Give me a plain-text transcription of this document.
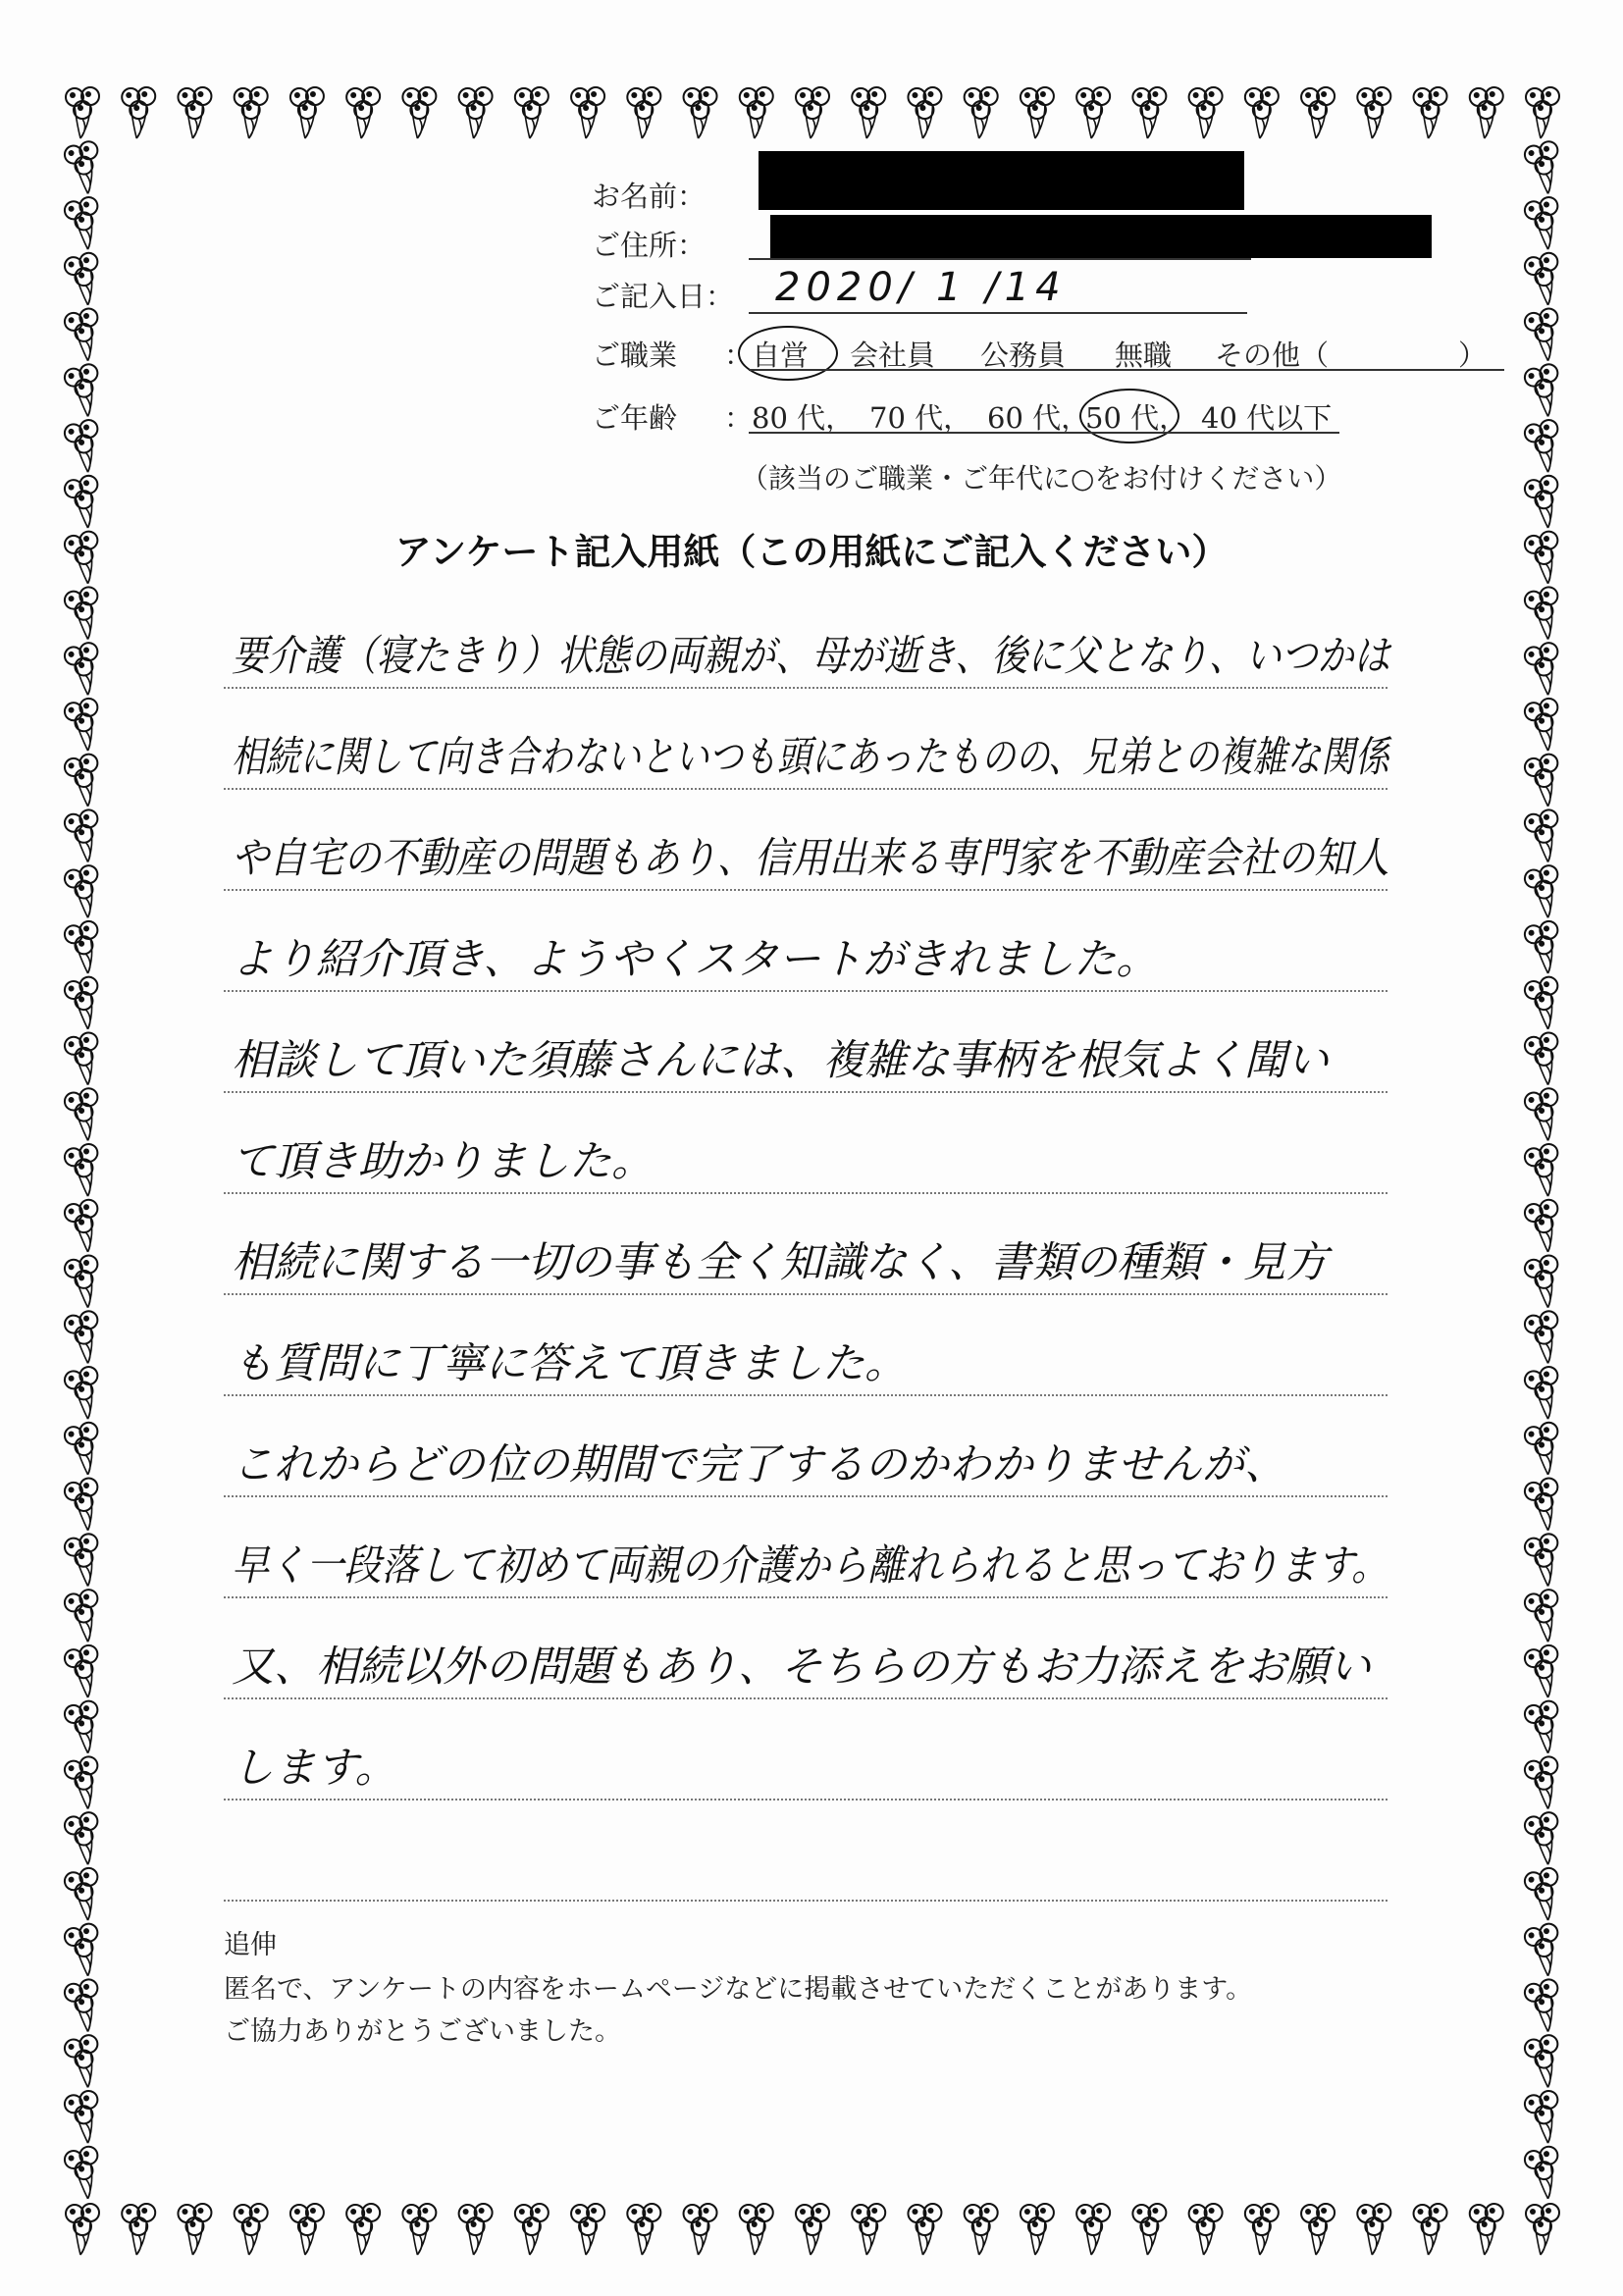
お名前：
ご住所：
ご記入日： 2020/ 1 /14
ご職業 ：
自営 会社員 公務員 無職 その他（	）
ご年齢 ：
80 代， 70 代， 60 代，
50 代， 40 代以下
（該当のご職業・ご年代に○をお付けください）
アンケート記入用紙（この用紙にご記入ください）
要介護（寝たきり）状態の両親が、母が逝き、後に父となり、いつかは
相続に関して向き合わないといつも頭にあったものの、兄弟との複雑な関係
や自宅の不動産の問題もあり、信用出来る専門家を不動産会社の知人
より紹介頂き、ようやくスタートがきれました。
相談して頂いた須藤さんには、複雑な事柄を根気よく聞い
て頂き助かりました。
相続に関する一切の事も全く知識なく、書類の種類・見方
も質問に丁寧に答えて頂きました。
これからどの位の期間で完了するのかわかりませんが、
早く一段落して初めて両親の介護から離れられると思っております。
又、相続以外の問題もあり、そちらの方もお力添えをお願い
します。
追伸
匿名で、アンケートの内容をホームページなどに掲載させていただくことがあります。
ご協力ありがとうございました。
